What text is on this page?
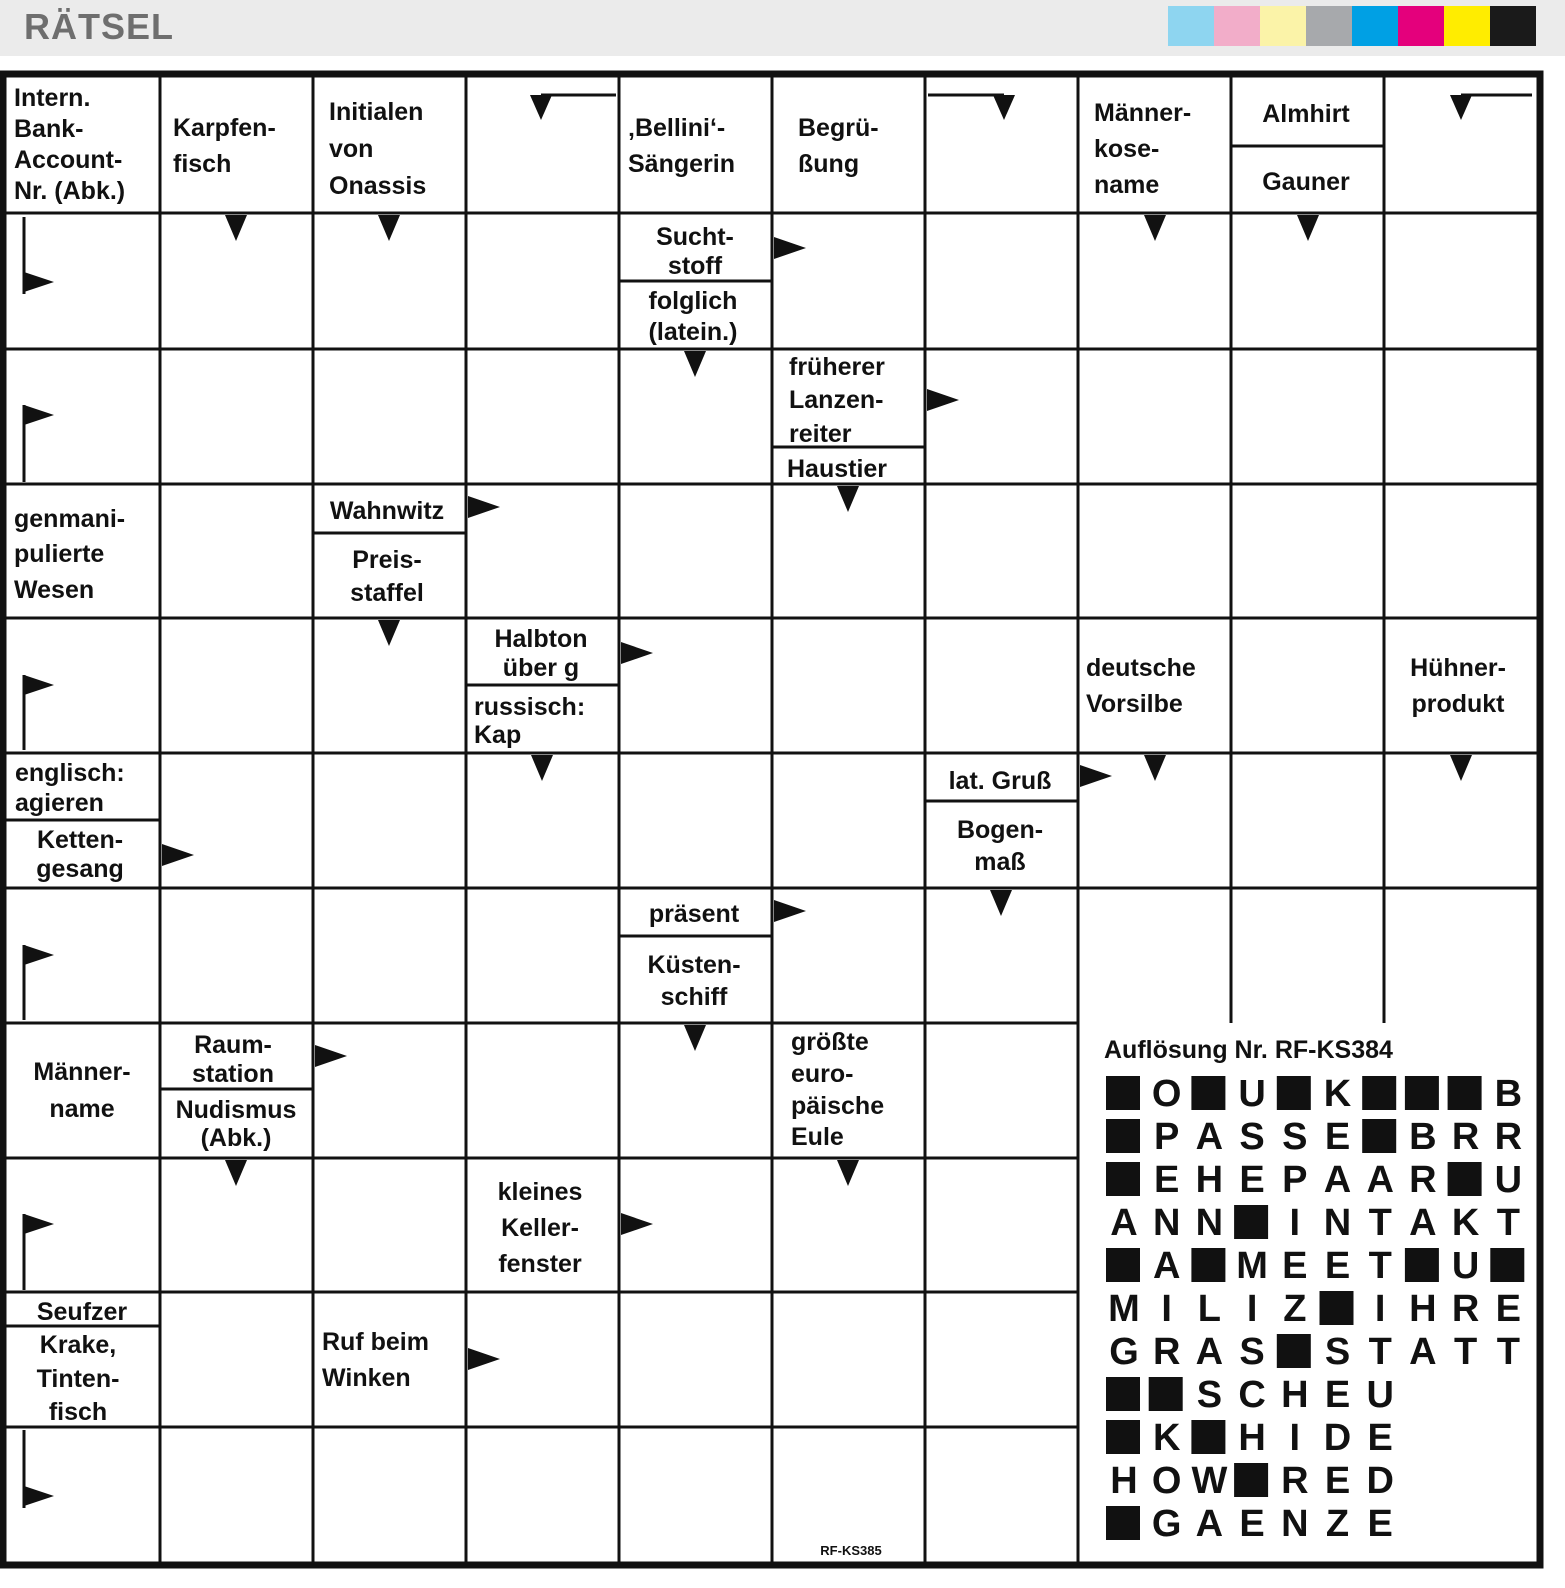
RÄTSEL
Intern.
Bank-
Account-
Nr. (Abk.)
Karpfen-
fisch
Initialen
von
Onassis
‚Bellini‘-
Sängerin
Begrü-
ßung
Männer-
kose-
name
Almhirt
Gauner
Sucht-
stoff
folglich
(latein.)
früherer
Lanzen-
reiter
Haustier
genmani-
pulierte
Wesen
Wahnwitz
Preis-
staffel
Halbton
über g
russisch:
Kap
deutsche
Vorsilbe
Hühner-
produkt
englisch:
agieren
Ketten-
gesang
lat. Gruß
Bogen-
maß
präsent
Küsten-
schiff
Männer-
name
Raum-
station
Nudismus
(Abk.)
größte
euro-
päische
Eule
kleines
Keller-
fenster
Seufzer
Krake,
Tinten-
fisch
Ruf beim
Winken
Auflösung Nr. RF-KS384
O U K	B
P A S S E B R R
E H E P A A R U
A N N I N T A K T
A M E E T U
M I L I Z I H R E
G R A S S T A T T
S C H E U
K H I D E
H O W R E D
G A E N Z E
RF-KS385
